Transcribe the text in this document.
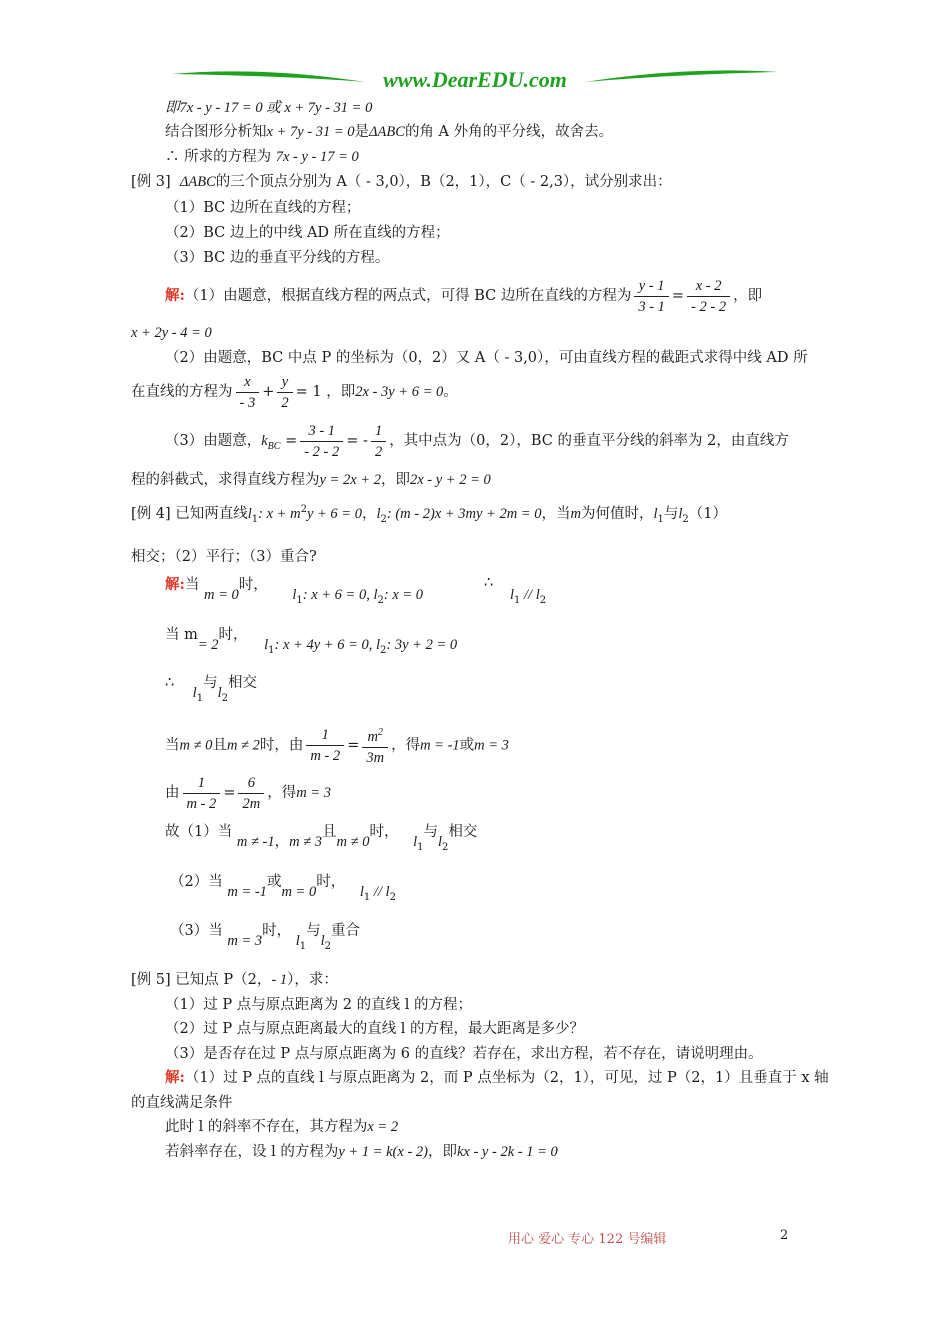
www.DearEDU.com
即7x - y - 17 = 0 或 x + 7y - 31 = 0
结合图形分析知x + 7y - 31 = 0是ΔABC的角 A 外角的平分线，故舍去。
∴ 所求的方程为 7x - y - 17 = 0
[例 3] ΔABC的三个顶点分别为 A（ - 3,0），B（2，1），C（ - 2,3），试分别求出：
（1）BC 边所在直线的方程；
（2）BC 边上的中线 AD 所在直线的方程；
（3）BC 边的垂直平分线的方程。
解:（1）由题意，根据直线方程的两点式，可得 BC 边所在直线的方程为 $\frac{y - 1}{3 - 1} = \frac{x - 2}{- 2 - 2}$ ，即
x + 2y - 4 = 0
（2）由题意，BC 中点 P 的坐标为（0，2）又 A（ - 3,0），可由直线方程的截距式求得中线 AD 所
在直线的方程为 $\frac{x}{- 3} + \frac{y}{2} = 1$ ，即2x - 3y + 6 = 0。
（3）由题意，$k_{BC} = \frac{3 - 1}{- 2 - 2}$ = - $\frac{1}{2}$ ，其中点为（0，2），BC 的垂直平分线的斜率为 2，由直线方
程的斜截式，求得直线方程为y = 2x + 2，即2x - y + 2 = 0
[例 4] 已知两直线$l_1$: $x + m^2y + 6 = 0$，$l_2$: (m - 2)x + 3my + 2m = 0，当m为何值时，$l_1$与$l_2(1)$
相交；（2）平行；（3）重合?
解:当 m = 0时， $l_1$: x + 6 = 0, $l_2$: x = 0
∴
$l_1 // l_2$
当 m= 2时， $l_1$: x + 4y + 6 = 0, $l_2$: 3y + 2 = 0
∴    $l_1$与$l_2$相交
当m ≠ 0且m ≠ 2时，由 $\frac{1}{m - 2} = \frac{m^2}{3m}$ ，得m = -1或m = 3
由 $\frac{1}{m - 2} = \frac{6}{2m}$ ，得m = 3
故（1）当 m ≠ -1，m ≠ 3且m ≠ 0时， $l_1$与$l_2$相交
（2）当 m = -1或m = 0时， $l_1 // l_2$
（3）当 m = 3时， $l_1$与$l_2$重合
[例 5] 已知点 P（2，- 1），求：
（1）过 P 点与原点距离为 2 的直线 l 的方程；
（2）过 P 点与原点距离最大的直线 l 的方程，最大距离是多少？
（3）是否存在过 P 点与原点距离为 6 的直线？若存在，求出方程，若不存在，请说明理由。
解:（1）过 P 点的直线 l 与原点距离为 2，而 P 点坐标为（2，1），可见，过 P（2，1）且垂直于 x 轴
的直线满足条件
此时 l 的斜率不存在，其方程为x = 2
若斜率存在，设 l 的方程为y + 1 = k(x - 2)，即kx - y - 2k - 1 = 0
用心 爱心 专心 122 号编辑	2
